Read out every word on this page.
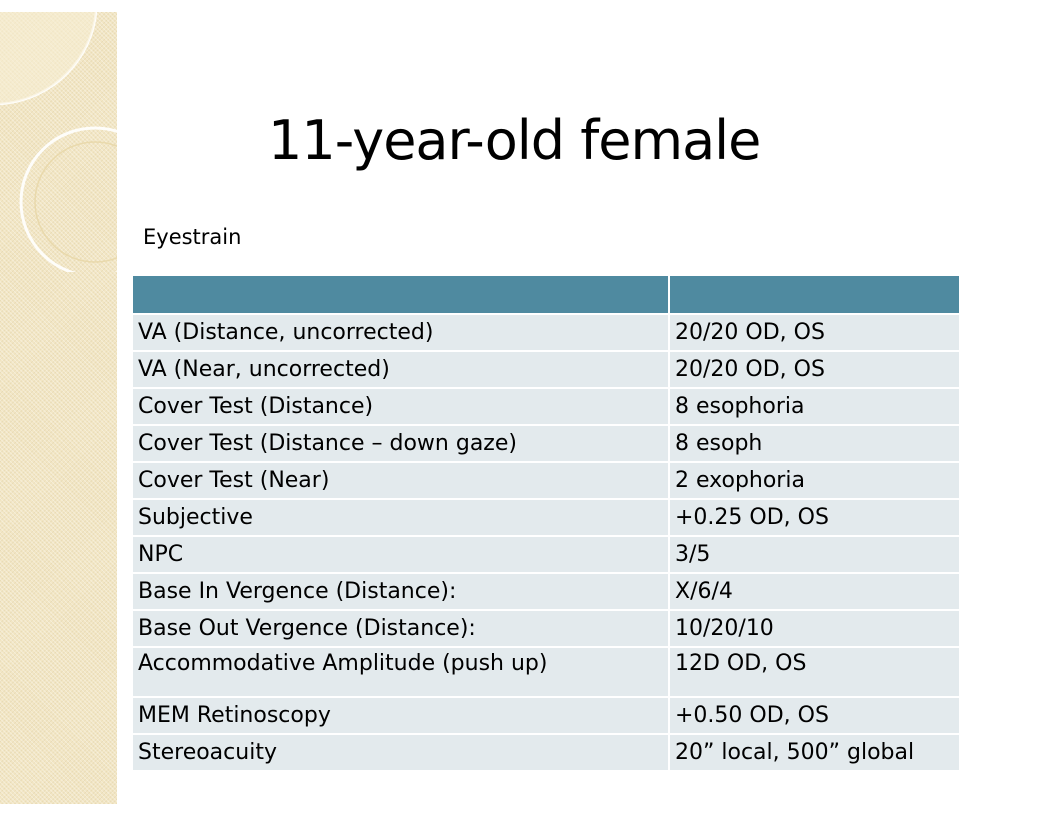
11-year-old female
Eyestrain

VA (Distance, uncorrected)	20/20 OD, OS
VA (Near, uncorrected)	20/20 OD, OS
Cover Test (Distance)	8 esophoria
Cover Test (Distance – down gaze)	8 esoph
Cover Test (Near)	2 exophoria
Subjective	+0.25 OD, OS
NPC	3/5
Base In Vergence (Distance):	X/6/4
Base Out Vergence (Distance):	10/20/10
Accommodative Amplitude (push up)	12D OD, OS
MEM Retinoscopy	+0.50 OD, OS
Stereoacuity	20” local, 500” global
